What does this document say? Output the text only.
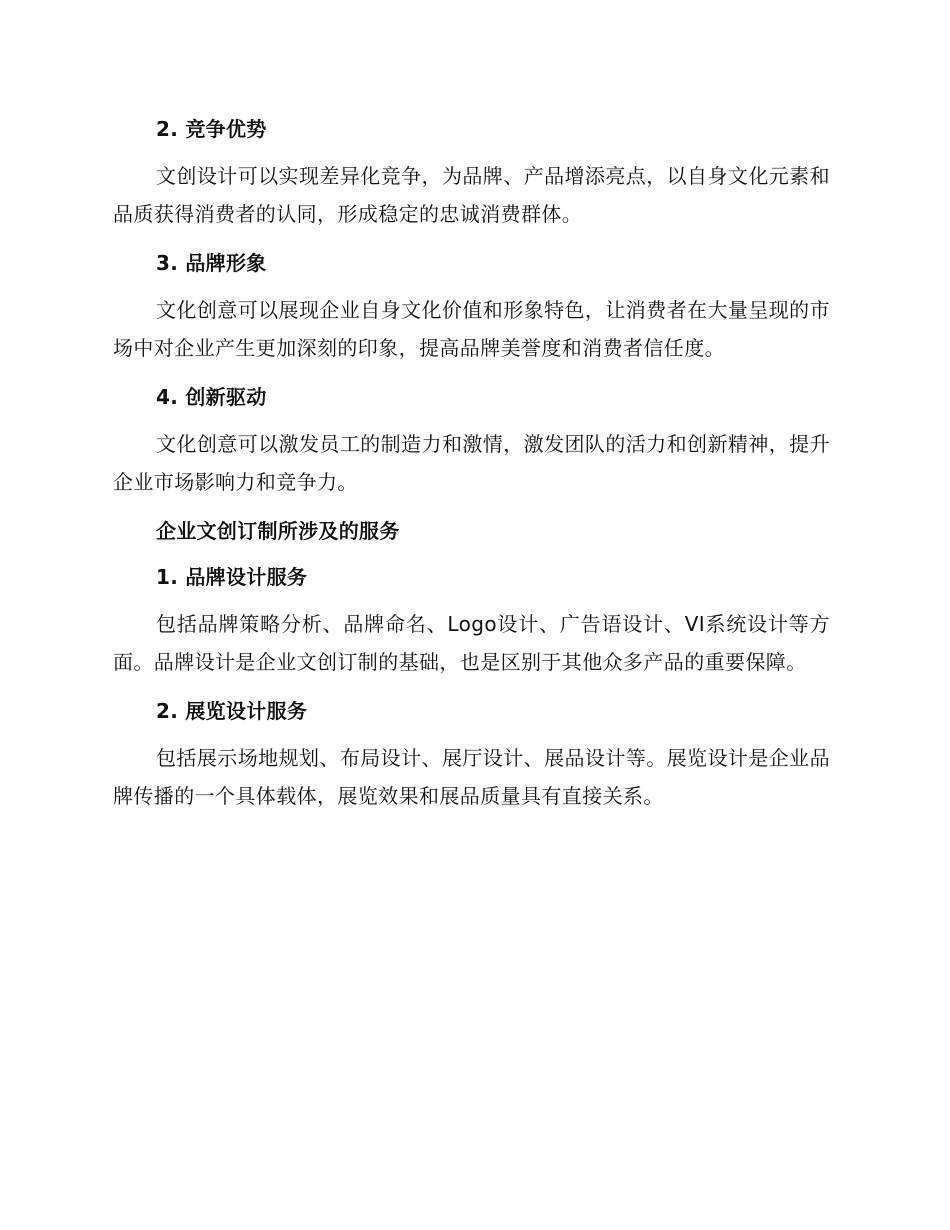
2. 竞争优势

文创设计可以实现差异化竞争，为品牌、产品增添亮点，以自身文化元素和品质获得消费者的认同，形成稳定的忠诚消费群体。

3. 品牌形象

文化创意可以展现企业自身文化价值和形象特色，让消费者在大量呈现的市场中对企业产生更加深刻的印象，提高品牌美誉度和消费者信任度。

4. 创新驱动

文化创意可以激发员工的制造力和激情，激发团队的活力和创新精神，提升企业市场影响力和竞争力。

企业文创订制所涉及的服务
1. 品牌设计服务

包括品牌策略分析、品牌命名、Logo设计、广告语设计、VI系统设计等方面。品牌设计是企业文创订制的基础，也是区别于其他众多产品的重要保障。

2. 展览设计服务

包括展示场地规划、布局设计、展厅设计、展品设计等。展览设计是企业品牌传播的一个具体载体，展览效果和展品质量具有直接关系。
